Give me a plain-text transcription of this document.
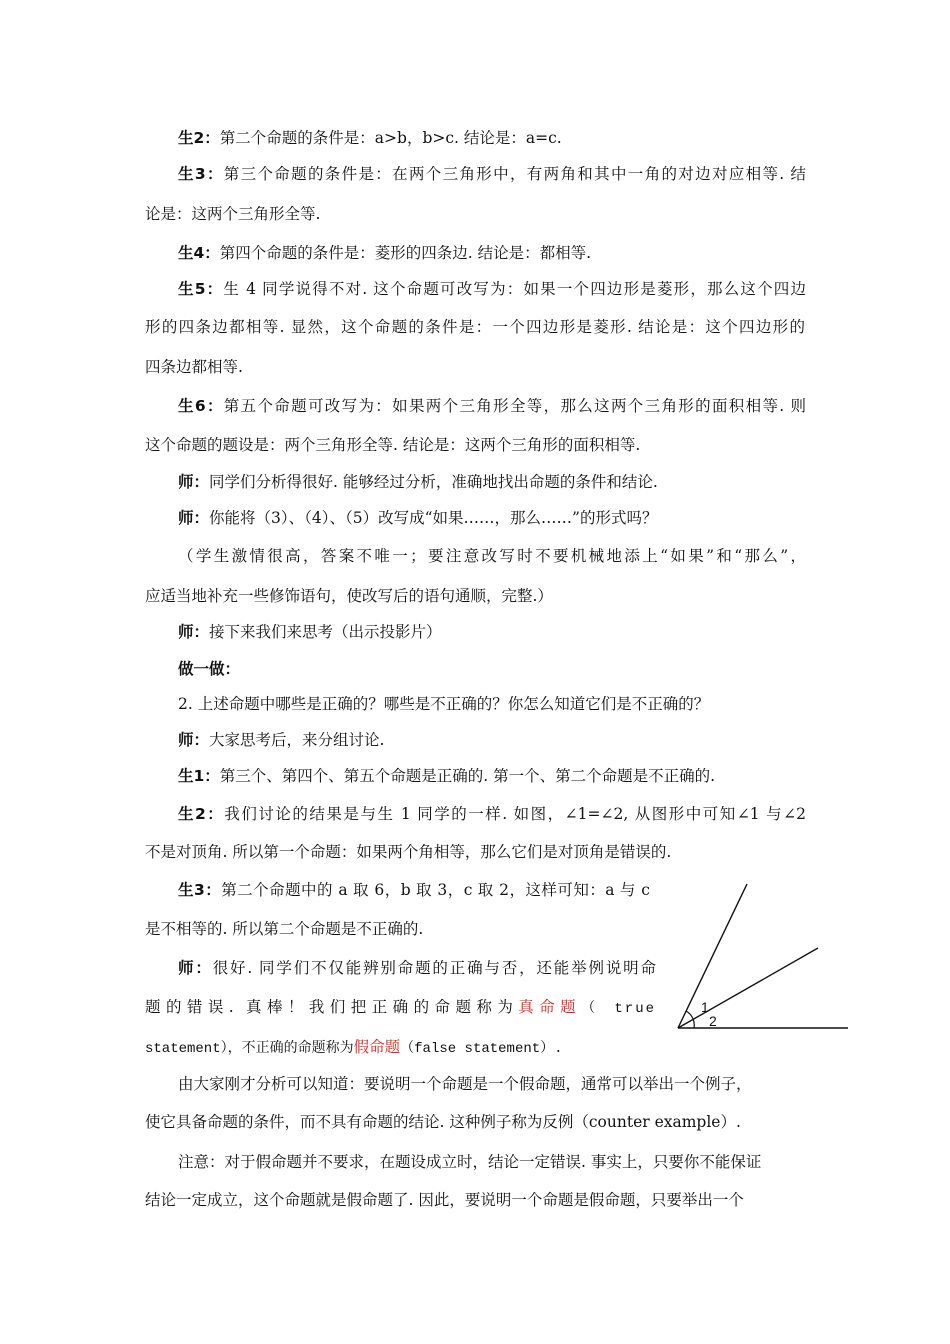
生2：第二个命题的条件是：a>b，b>c. 结论是：a=c.
生3：第三个命题的条件是：在两个三角形中，有两角和其中一角的对边对应相等. 结
论是：这两个三角形全等.
生4：第四个命题的条件是：菱形的四条边. 结论是：都相等.
生5：生 4 同学说得不对. 这个命题可改写为：如果一个四边形是菱形，那么这个四边
形的四条边都相等. 显然，这个命题的条件是：一个四边形是菱形. 结论是：这个四边形的
四条边都相等.
生6：第五个命题可改写为：如果两个三角形全等，那么这两个三角形的面积相等. 则
这个命题的题设是：两个三角形全等. 结论是：这两个三角形的面积相等.
师：同学们分析得很好. 能够经过分析，准确地找出命题的条件和结论.
师：你能将（3）、（4）、（5）改写成“如果……，那么……”的形式吗？
（学生激情很高，答案不唯一；要注意改写时不要机械地添上“如果”和“那么”，
应适当地补充一些修饰语句，使改写后的语句通顺，完整.）
师：接下来我们来思考（出示投影片）
做一做：
2. 上述命题中哪些是正确的？哪些是不正确的？你怎么知道它们是不正确的？
师：大家思考后，来分组讨论.
生1：第三个、第四个、第五个命题是正确的. 第一个、第二个命题是不正确的.
生2：我们讨论的结果是与生 1 同学的一样. 如图，∠1=∠2, 从图形中可知∠1 与∠2
不是对顶角. 所以第一个命题：如果两个角相等，那么它们是对顶角是错误的.
生3：第二个命题中的 a 取 6，b 取 3，c 取 2，这样可知：a 与 c
是不相等的. 所以第二个命题是不正确的.
师：很好. 同学们不仅能辨别命题的正确与否，还能举例说明命
题的错误. 真棒！我们把正确的命题称为真命题（ true
statement），不正确的命题称为假命题（false statement）.
由大家刚才分析可以知道：要说明一个命题是一个假命题，通常可以举出一个例子，
使它具备命题的条件，而不具有命题的结论. 这种例子称为反例（counter example）.
注意：对于假命题并不要求，在题设成立时，结论一定错误. 事实上，只要你不能保证
结论一定成立，这个命题就是假命题了. 因此，要说明一个命题是假命题，只要举出一个
1
2
